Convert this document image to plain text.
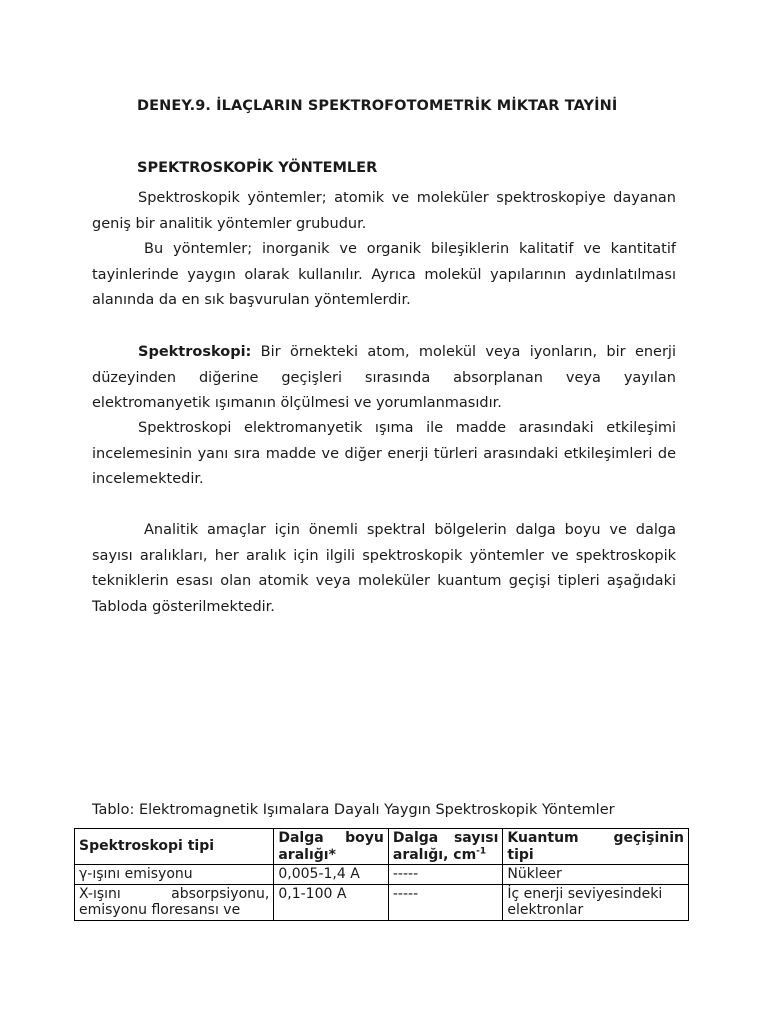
DENEY.9. İLAÇLARIN SPEKTROFOTOMETRİK MİKTAR TAYİNİ
SPEKTROSKOPİK YÖNTEMLER

Spektroskopik yöntemler; atomik ve moleküler spektroskopiye dayanan geniş bir analitik yöntemler grubudur.

Bu yöntemler; inorganik ve organik bileşiklerin kalitatif ve kantitatif tayinlerinde yaygın olarak kullanılır. Ayrıca molekül yapılarının aydınlatılması alanında da en sık başvurulan yöntemlerdir.

Spektroskopi: Bir örnekteki atom, molekül veya iyonların, bir enerji düzeyinden diğerine geçişleri sırasında absorplanan veya yayılan elektromanyetik ışımanın ölçülmesi ve yorumlanmasıdır.

Spektroskopi elektromanyetik ışıma ile madde arasındaki etkileşimi incelemesinin yanı sıra madde ve diğer enerji türleri arasındaki etkileşimleri de incelemektedir.

Analitik amaçlar için önemli spektral bölgelerin dalga boyu ve dalga sayısı aralıkları, her aralık için ilgili spektroskopik yöntemler ve spektroskopik tekniklerin esası olan atomik veya moleküler kuantum geçişi tipleri aşağıdaki Tabloda gösterilmektedir.

Tablo: Elektromagnetik Işımalara Dayalı Yaygın Spektroskopik Yöntemler
Spektroskopi tipi	Dalga boyu aralığı*	Dalga sayısı aralığı, $cm^{-1}$	Kuantum geçişinin tipi
γ-ışını emisyonu	0,005-1,4 A	-----	Nükleer

X-ışını absorpsiyonu, emisyonu floresansı ve	0,1-100 A	-----	İç enerji seviyesindeki elektronlar
